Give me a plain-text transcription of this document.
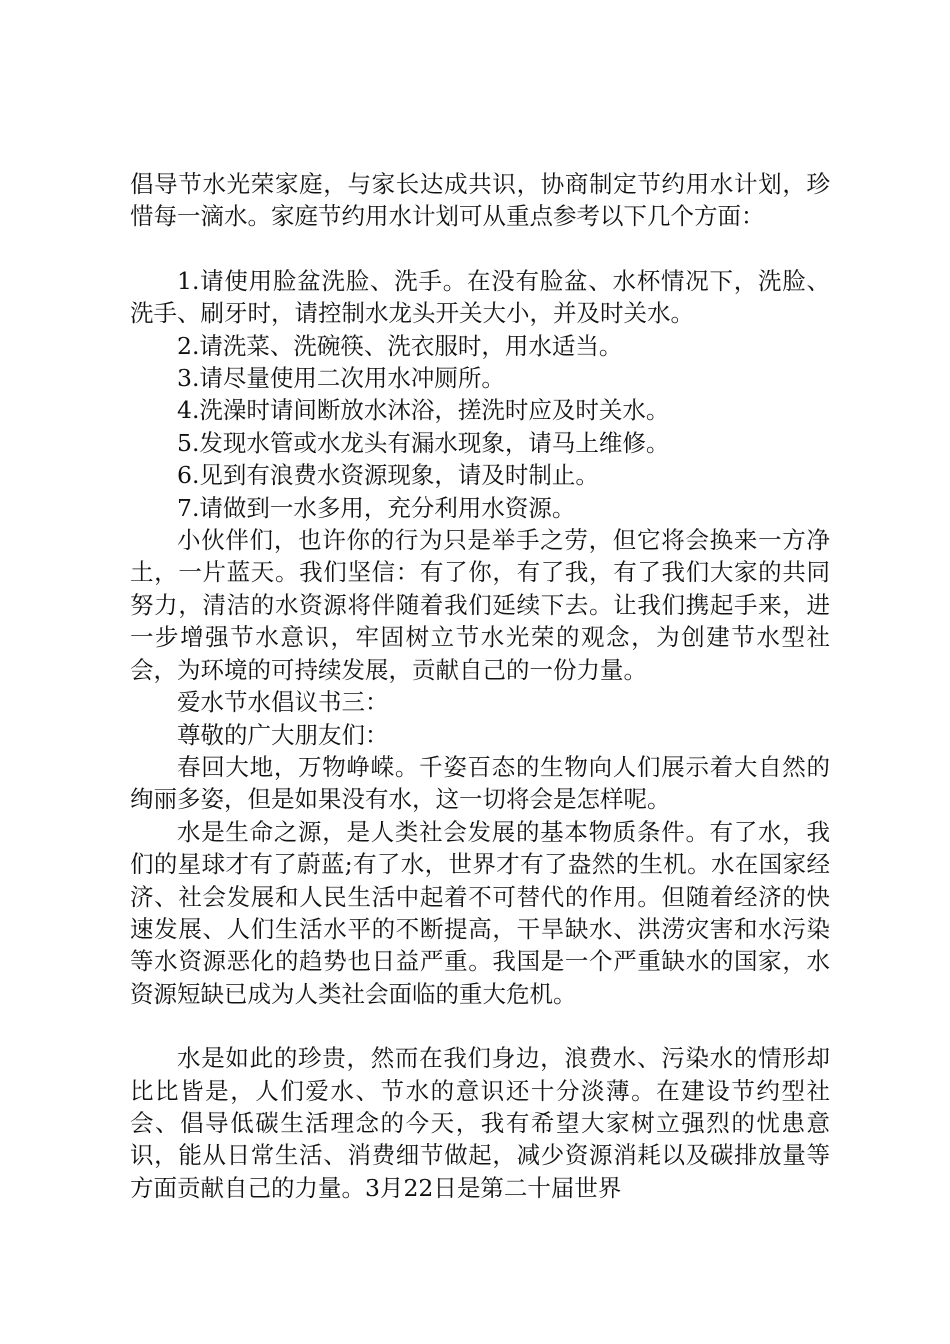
倡导节水光荣家庭，与家长达成共识，协商制定节约用水计划，珍惜每一滴水。家庭节约用水计划可从重点参考以下几个方面：

1.请使用脸盆洗脸、洗手。在没有脸盆、水杯情况下，洗脸、洗手、刷牙时，请控制水龙头开关大小，并及时关水。

2.请洗菜、洗碗筷、洗衣服时，用水适当。

3.请尽量使用二次用水冲厕所。

4.洗澡时请间断放水沐浴，搓洗时应及时关水。

5.发现水管或水龙头有漏水现象，请马上维修。

6.见到有浪费水资源现象，请及时制止。

7.请做到一水多用，充分利用水资源。

小伙伴们，也许你的行为只是举手之劳，但它将会换来一方净土，一片蓝天。我们坚信：有了你，有了我，有了我们大家的共同努力，清洁的水资源将伴随着我们延续下去。让我们携起手来，进一步增强节水意识，牢固树立节水光荣的观念，为创建节水型社会，为环境的可持续发展，贡献自己的一份力量。

爱水节水倡议书三：

尊敬的广大朋友们：

春回大地，万物峥嵘。千姿百态的生物向人们展示着大自然的绚丽多姿，但是如果没有水，这一切将会是怎样呢。

水是生命之源，是人类社会发展的基本物质条件。有了水，我们的星球才有了蔚蓝;有了水，世界才有了盎然的生机。水在国家经济、社会发展和人民生活中起着不可替代的作用。但随着经济的快速发展、人们生活水平的不断提高，干旱缺水、洪涝灾害和水污染等水资源恶化的趋势也日益严重。我国是一个严重缺水的国家，水资源短缺已成为人类社会面临的重大危机。

水是如此的珍贵，然而在我们身边，浪费水、污染水的情形却比比皆是，人们爱水、节水的意识还十分淡薄。在建设节约型社会、倡导低碳生活理念的今天，我有希望大家树立强烈的忧患意识，能从日常生活、消费细节做起，减少资源消耗以及碳排放量等方面贡献自己的力量。3月22日是第二十届世界
